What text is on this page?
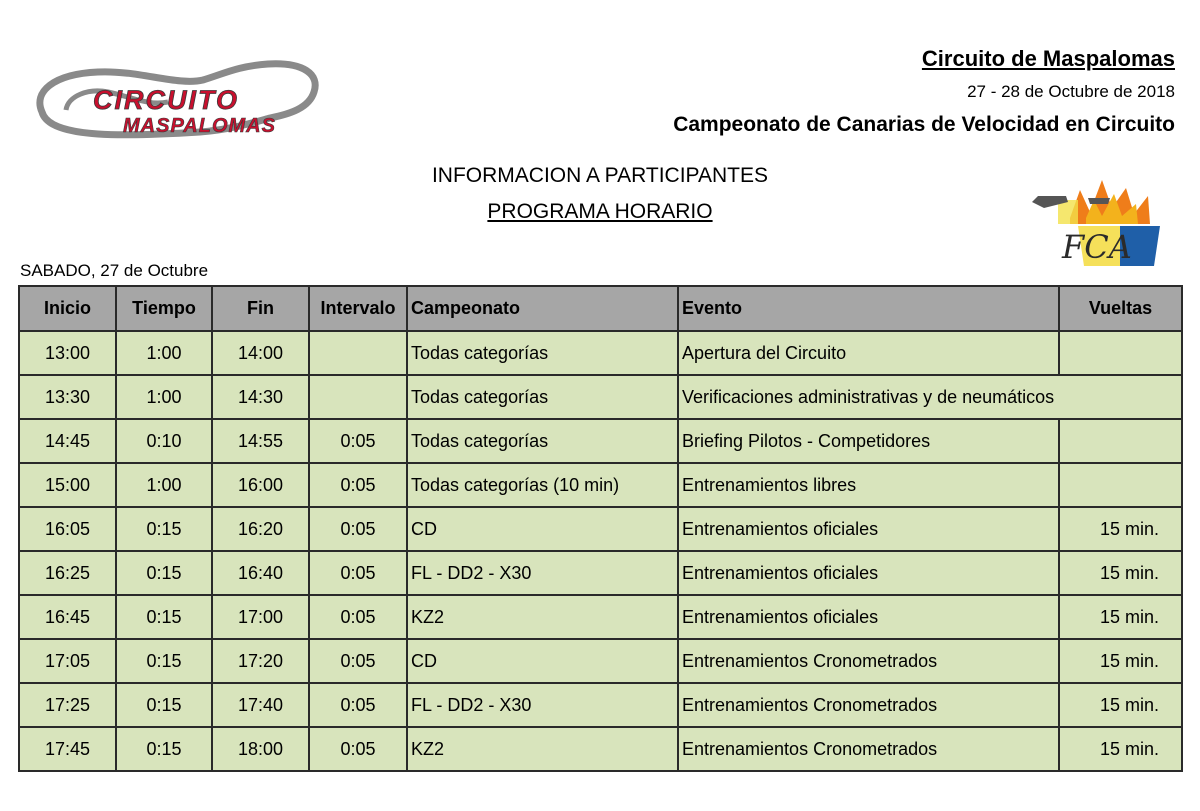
CIRCUITO
MASPALOMAS
FCA
Circuito de Maspalomas
27 - 28 de Octubre de 2018
Campeonato de Canarias de Velocidad en Circuito
INFORMACION A PARTICIPANTES
PROGRAMA HORARIO
SABADO, 27 de Octubre
Inicio	Tiempo	Fin	Intervalo	Campeonato	Evento	Vueltas
13:00	1:00	14:00		Todas categorías	Apertura del Circuito	
13:30	1:00	14:30		Todas categorías	Verificaciones administrativas y de neumáticos	
14:45	0:10	14:55	0:05	Todas categorías	Briefing Pilotos - Competidores	
15:00	1:00	16:00	0:05	Todas categorías (10 min)	Entrenamientos libres	
16:05	0:15	16:20	0:05	CD	Entrenamientos oficiales	15 min.
16:25	0:15	16:40	0:05	FL - DD2 - X30	Entrenamientos oficiales	15 min.
16:45	0:15	17:00	0:05	KZ2	Entrenamientos oficiales	15 min.
17:05	0:15	17:20	0:05	CD	Entrenamientos Cronometrados	15 min.
17:25	0:15	17:40	0:05	FL - DD2 - X30	Entrenamientos Cronometrados	15 min.
17:45	0:15	18:00	0:05	KZ2	Entrenamientos Cronometrados	15 min.
